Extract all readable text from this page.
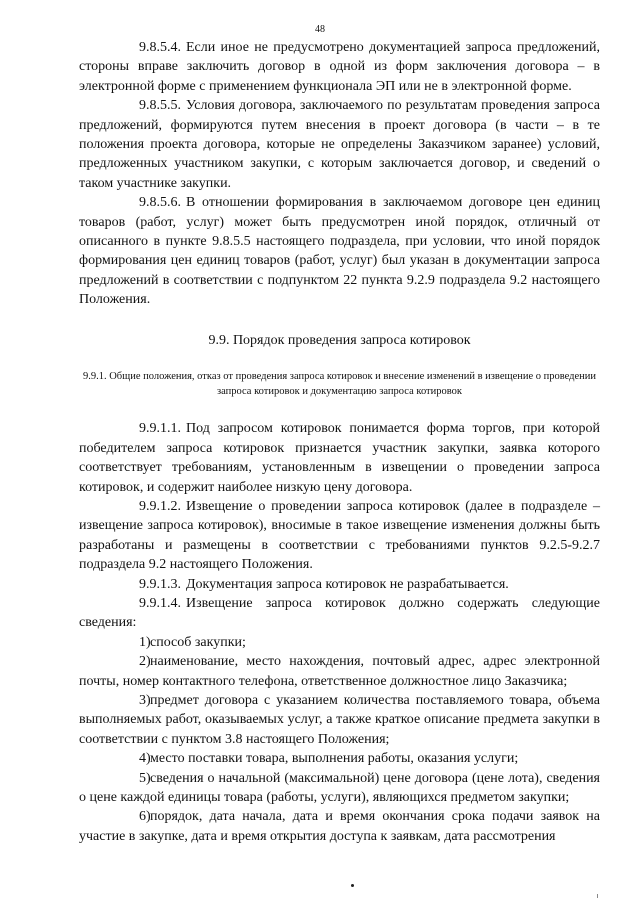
48

9.8.5.4. Если иное не предусмотрено документацией запроса предложений, стороны вправе заключить договор в одной из форм заключения договора – в электронной форме с применением функционала ЭП или не в электронной форме.

9.8.5.5. Условия договора, заключаемого по результатам проведения запроса предложений, формируются путем внесения в проект договора (в части – в те положения проекта договора, которые не определены Заказчиком заранее) условий, предложенных участником закупки, с которым заключается договор, и сведений о таком участнике закупки.

9.8.5.6. В отношении формирования в заключаемом договоре цен единиц товаров (работ, услуг) может быть предусмотрен иной порядок, отличный от описанного в пункте 9.8.5.5 настоящего подраздела, при условии, что иной порядок формирования цен единиц товаров (работ, услуг) был указан в документации запроса предложений в соответствии с подпунктом 22 пункта 9.2.9 подраздела 9.2 настоящего Положения.

9.9. Порядок проведения запроса котировок

9.9.1. Общие положения, отказ от проведения запроса котировок и внесение изменений в извещение о проведении запроса котировок и документацию запроса котировок

9.9.1.1. Под запросом котировок понимается форма торгов, при которой победителем запроса котировок признается участник закупки, заявка которого соответствует требованиям, установленным в извещении о проведении запроса котировок, и содержит наиболее низкую цену договора.

9.9.1.2. Извещение о проведении запроса котировок (далее в подразделе – извещение запроса котировок), вносимые в такое извещение изменения должны быть разработаны и размещены в соответствии с требованиями пунктов 9.2.5-9.2.7 подраздела 9.2 настоящего Положения.

9.9.1.3. Документация запроса котировок не разрабатывается.

9.9.1.4. Извещение запроса котировок должно содержать следующие сведения:

1)способ закупки;

2)наименование, место нахождения, почтовый адрес, адрес электронной почты, номер контактного телефона, ответственное должностное лицо Заказчика;

3)предмет договора с указанием количества поставляемого товара, объема выполняемых работ, оказываемых услуг, а также краткое описание предмета закупки в соответствии с пунктом 3.8 настоящего Положения;

4)место поставки товара, выполнения работы, оказания услуги;

5)сведения о начальной (максимальной) цене договора (цене лота), сведения о цене каждой единицы товара (работы, услуги), являющихся предметом закупки;

6)порядок, дата начала, дата и время окончания срока подачи заявок на участие в закупке, дата и время открытия доступа к заявкам, дата рассмотрения
